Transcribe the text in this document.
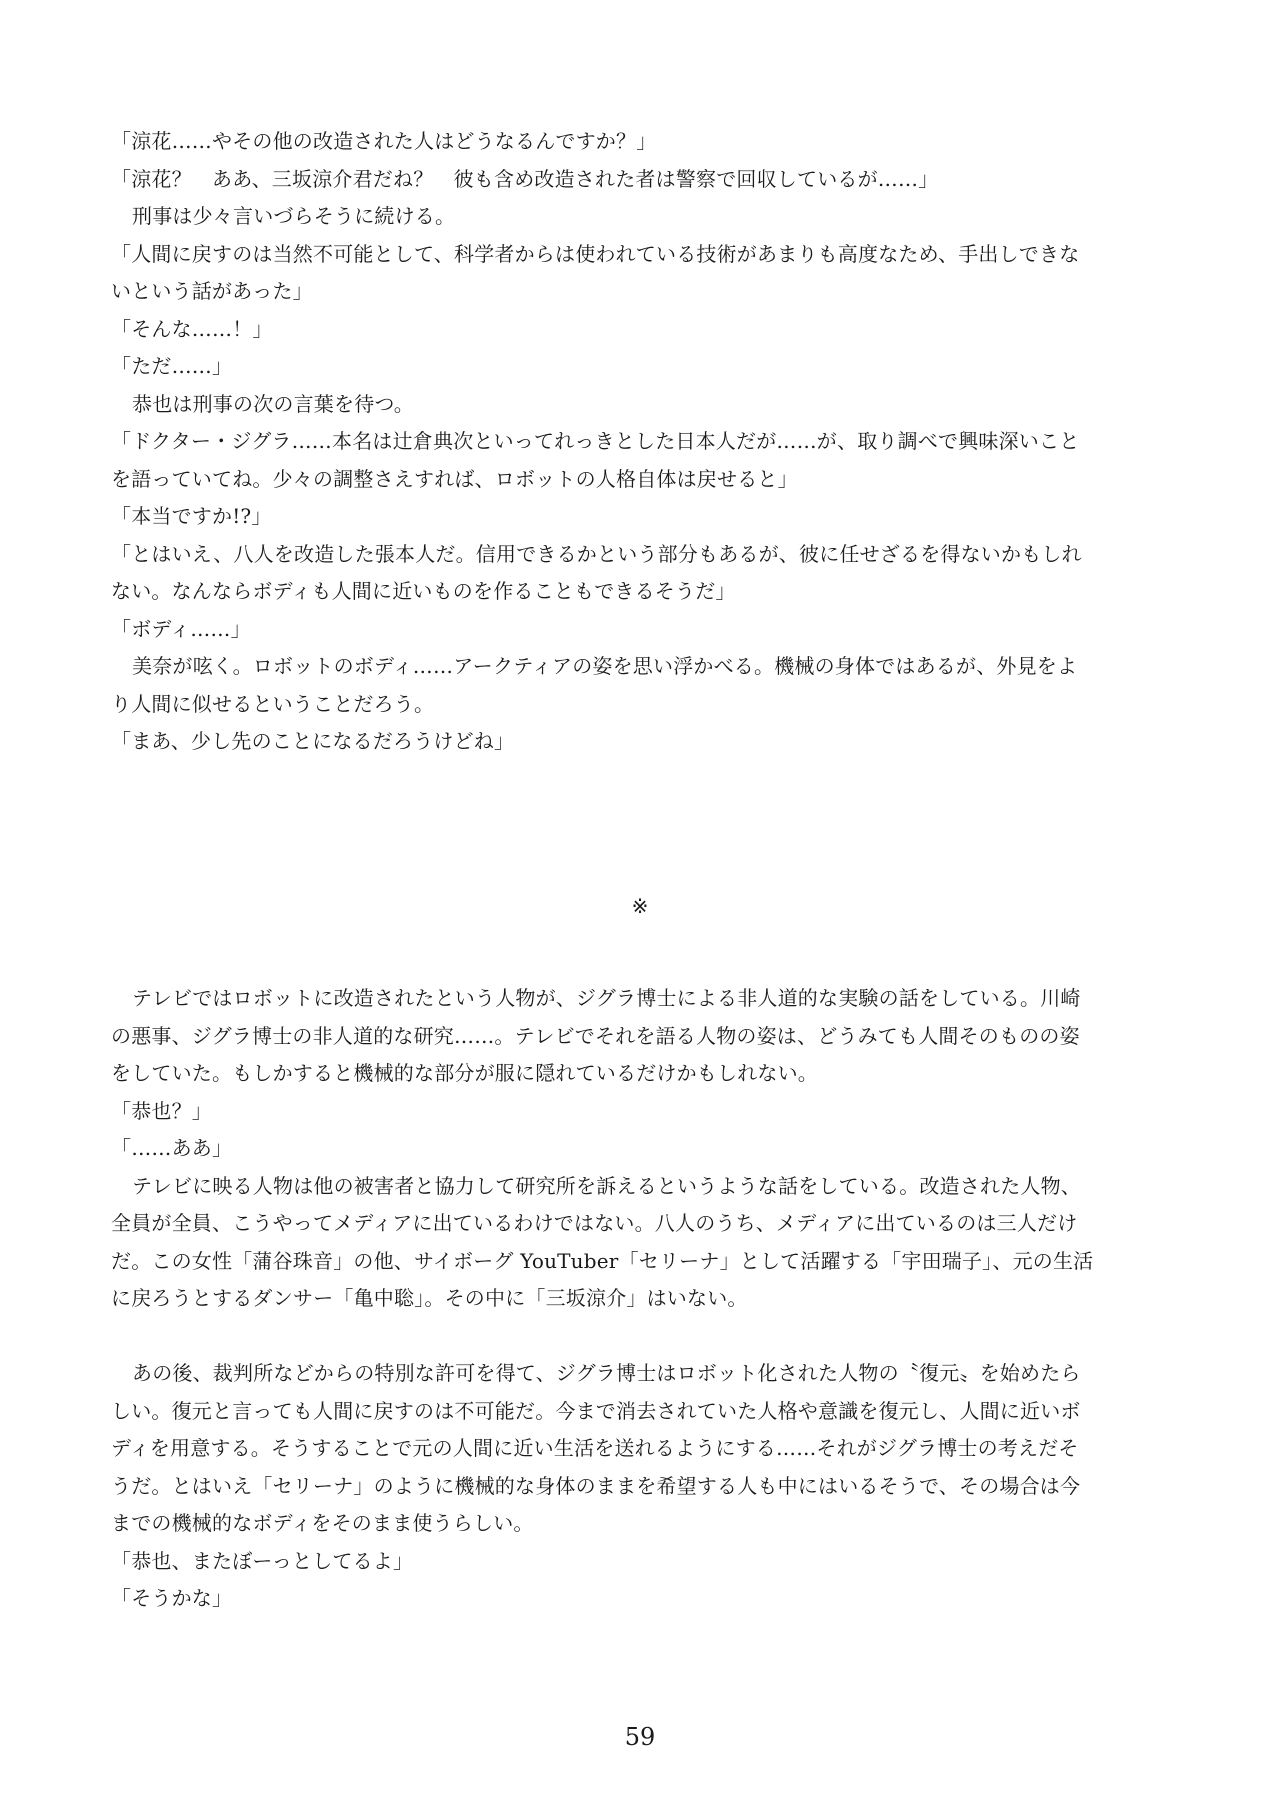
「涼花……やその他の改造された人はどうなるんですか？」
「涼花？　ああ、三坂涼介君だね？　彼も含め改造された者は警察で回収しているが……」
刑事は少々言いづらそうに続ける。
「人間に戻すのは当然不可能として、科学者からは使われている技術があまりも高度なため、手出しできな
いという話があった」
「そんな……！」
「ただ……」
恭也は刑事の次の言葉を待つ。
「ドクター・ジグラ……本名は辻倉典次といってれっきとした日本人だが……が、取り調べで興味深いこと
を語っていてね。少々の調整さえすれば、ロボットの人格自体は戻せると」
「本当ですか!?」
「とはいえ、八人を改造した張本人だ。信用できるかという部分もあるが、彼に任せざるを得ないかもしれ
ない。なんならボディも人間に近いものを作ることもできるそうだ」
「ボディ……」
美奈が呟く。ロボットのボディ……アークティアの姿を思い浮かべる。機械の身体ではあるが、外見をよ
り人間に似せるということだろう。
「まあ、少し先のことになるだろうけどね」
※
テレビではロボットに改造されたという人物が、ジグラ博士による非人道的な実験の話をしている。川崎
の悪事、ジグラ博士の非人道的な研究……。テレビでそれを語る人物の姿は、どうみても人間そのものの姿
をしていた。もしかすると機械的な部分が服に隠れているだけかもしれない。
「恭也？」
「……ああ」
テレビに映る人物は他の被害者と協力して研究所を訴えるというような話をしている。改造された人物、
全員が全員、こうやってメディアに出ているわけではない。八人のうち、メディアに出ているのは三人だけ
だ。この女性「蒲谷珠音」の他、サイボーグ YouTuber「セリーナ」として活躍する「宇田瑞子」、元の生活
に戻ろうとするダンサー「亀中聡」。その中に「三坂涼介」はいない。
あの後、裁判所などからの特別な許可を得て、ジグラ博士はロボット化された人物の〝復元〟を始めたら
しい。復元と言っても人間に戻すのは不可能だ。今まで消去されていた人格や意識を復元し、人間に近いボ
ディを用意する。そうすることで元の人間に近い生活を送れるようにする……それがジグラ博士の考えだそ
うだ。とはいえ「セリーナ」のように機械的な身体のままを希望する人も中にはいるそうで、その場合は今
までの機械的なボディをそのまま使うらしい。
「恭也、またぼーっとしてるよ」
「そうかな」
59
